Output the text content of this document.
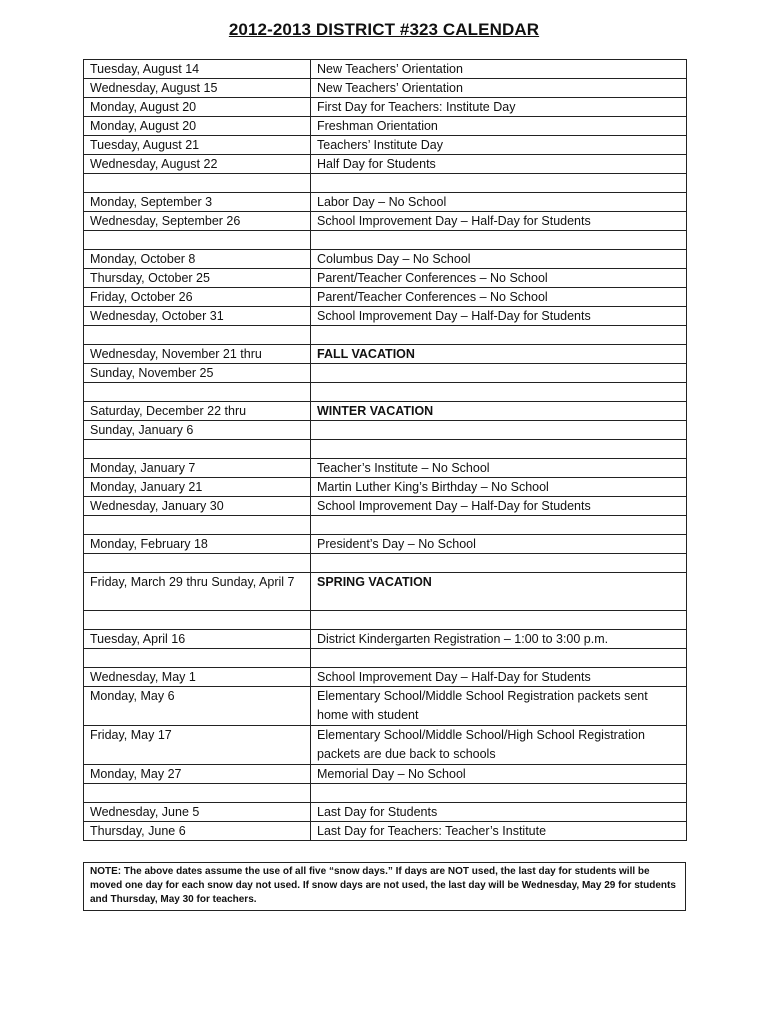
2012-2013 DISTRICT #323 CALENDAR
Tuesday, August 14	New Teachers’ Orientation
Wednesday, August 15	New Teachers’ Orientation
Monday, August 20	First Day for Teachers: Institute Day
Monday, August 20	Freshman Orientation
Tuesday, August 21	Teachers’ Institute Day
Wednesday, August 22	Half Day for Students

Monday, September 3	Labor Day – No School
Wednesday, September 26	School Improvement Day – Half-Day for Students

Monday, October 8	Columbus Day – No School
Thursday, October 25	Parent/Teacher Conferences – No School
Friday, October 26	Parent/Teacher Conferences – No School
Wednesday, October 31	School Improvement Day – Half-Day for Students

Wednesday, November 21 thru	FALL VACATION
Sunday, November 25	

Saturday, December 22 thru	WINTER VACATION
Sunday, January 6	

Monday, January 7	Teacher’s Institute – No School
Monday, January 21	Martin Luther King’s Birthday – No School
Wednesday, January 30	School Improvement Day – Half-Day for Students

Monday, February 18	President’s Day – No School

Friday, March 29 thru Sunday, April 7	SPRING VACATION

Tuesday, April 16	District Kindergarten Registration – 1:00 to 3:00 p.m.

Wednesday, May 1	School Improvement Day – Half-Day for Students
Monday, May 6	Elementary School/Middle School Registration packets sent home with student
Friday, May 17	Elementary School/Middle School/High School Registration packets are due back to schools
Monday, May 27	Memorial Day – No School

Wednesday, June 5	Last Day for Students
Thursday, June 6	Last Day for Teachers: Teacher’s Institute
NOTE: The above dates assume the use of all five “snow days.” If days are NOT used, the last day for students will be moved one day for each snow day not used. If snow days are not used, the last day will be Wednesday, May 29 for students and Thursday, May 30 for teachers.
